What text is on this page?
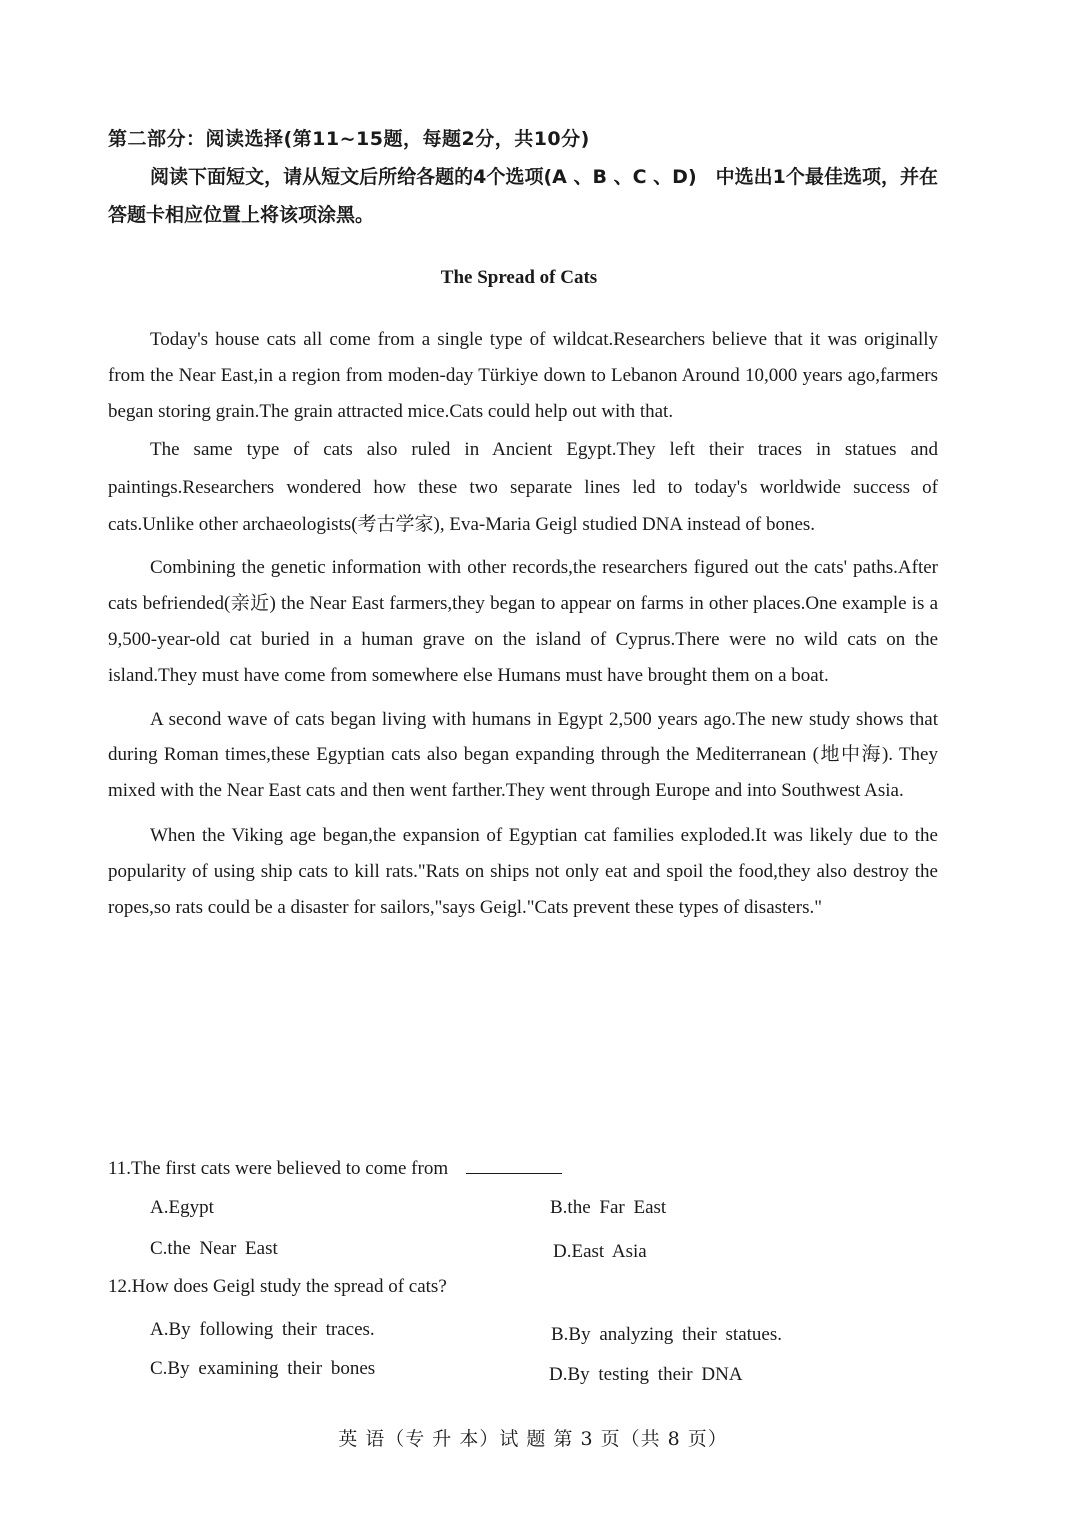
第二部分：阅读选择(第11~15题，每题2分，共10分)
阅读下面短文，请从短文后所给各题的4个选项(A 、B 、C 、D)　中选出1个最佳选项，并在答题卡相应位置上将该项涂黑。
The Spread of Cats

Today's house cats all come from a single type of wildcat.Researchers believe that it was originally from the Near East,in a region from moden-day Türkiye down to Lebanon Around 10,000 years ago,farmers began storing grain.The grain attracted mice.Cats could help out with that.

The same type of cats also ruled in Ancient Egypt.They left their traces in statues and paintings.Researchers wondered how these two separate lines led to today's worldwide success of cats.Unlike other archaeologists(考古学家), Eva-Maria Geigl studied DNA instead of bones.

Combining the genetic information with other records,the researchers figured out the cats' paths.After cats befriended(亲近) the Near East farmers,they began to appear on farms in other places.One example is a 9,500-year-old cat buried in a human grave on the island of Cyprus.There were no wild cats on the island.They must have come from somewhere else Humans must have brought them on a boat.

A second wave of cats began living with humans in Egypt 2,500 years ago.The new study shows that during Roman times,these Egyptian cats also began expanding through the Mediterranean (地中海). They mixed with the Near East cats and then went farther.They went through Europe and into Southwest Asia.

When the Viking age began,the expansion of Egyptian cat families exploded.It was likely due to the popularity of using ship cats to kill rats."Rats on ships not only eat and spoil the food,they also destroy the ropes,so rats could be a disaster for sailors,"says Geigl."Cats prevent these types of disasters."

11.The first cats were believed to come from
A.Egypt	B.the Far East
C.the Near East	D.East Asia
12.How does Geigl study the spread of cats?
A.By following their traces.	B.By analyzing their statues.
C.By examining their bones	D.By testing their DNA
英 语（专 升 本）试 题 第 3 页（共 8 页）
